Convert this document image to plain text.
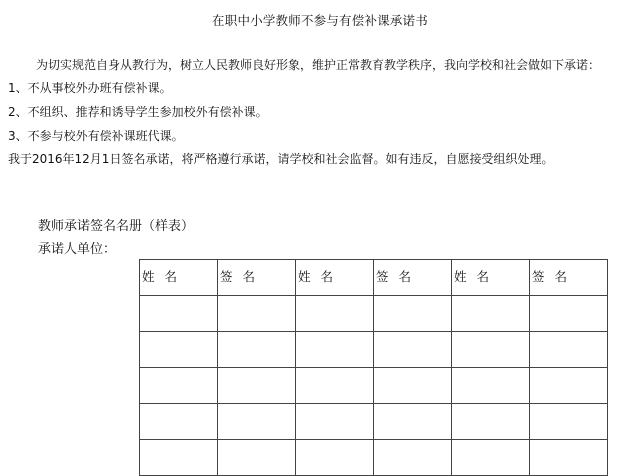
在职中小学教师不参与有偿补课承诺书
为切实规范自身从教行为，树立人民教师良好形象，维护正常教育教学秩序，我向学校和社会做如下承诺：
1、不从事校外办班有偿补课。
2、不组织、推荐和诱导学生参加校外有偿补课。
3、不参与校外有偿补课班代课。
我于2016年12月1日签名承诺，将严格遵行承诺，请学校和社会监督。如有违反，自愿接受组织处理。
教师承诺签名名册（样表）
承诺人单位：
姓名	签名	姓名	签名	姓名	签名
